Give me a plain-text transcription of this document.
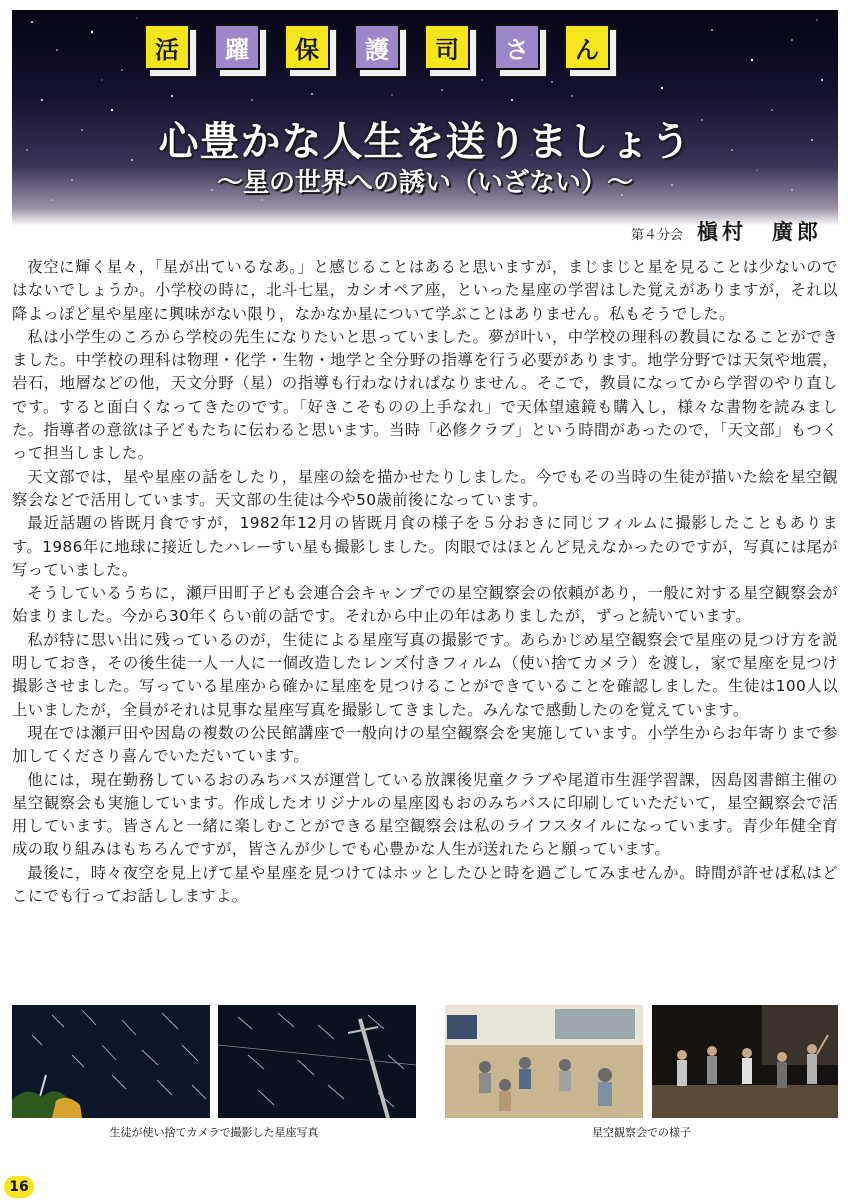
活	躍	保	護	司	さ	ん
心豊かな人生を送りましょう
〜星の世界への誘い（いざない）〜
第４分会 槇村　廣郎

夜空に輝く星々，「星が出ているなあ。」と感じることはあると思いますが，まじまじと星を見ることは少ないのではないでしょうか。小学校の時に，北斗七星，カシオペア座，といった星座の学習はした覚えがありますが，それ以降よっぽど星や星座に興味がない限り，なかなか星について学ぶことはありません。私もそうでした。

私は小学生のころから学校の先生になりたいと思っていました。夢が叶い，中学校の理科の教員になることができました。中学校の理科は物理・化学・生物・地学と全分野の指導を行う必要があります。地学分野では天気や地震，岩石，地層などの他，天文分野（星）の指導も行わなければなりません。そこで，教員になってから学習のやり直しです。すると面白くなってきたのです。「好きこそものの上手なれ」で天体望遠鏡も購入し，様々な書物を読みました。指導者の意欲は子どもたちに伝わると思います。当時「必修クラブ」という時間があったので，「天文部」もつくって担当しました。

天文部では，星や星座の話をしたり，星座の絵を描かせたりしました。今でもその当時の生徒が描いた絵を星空観察会などで活用しています。天文部の生徒は今や50歳前後になっています。

最近話題の皆既月食ですが，1982年12月の皆既月食の様子を５分おきに同じフィルムに撮影したこともあります。1986年に地球に接近したハレーすい星も撮影しました。肉眼ではほとんど見えなかったのですが，写真には尾が写っていました。

そうしているうちに，瀬戸田町子ども会連合会キャンプでの星空観察会の依頼があり，一般に対する星空観察会が始まりました。今から30年くらい前の話です。それから中止の年はありましたが，ずっと続いています。

私が特に思い出に残っているのが，生徒による星座写真の撮影です。あらかじめ星空観察会で星座の見つけ方を説明しておき，その後生徒一人一人に一個改造したレンズ付きフィルム（使い捨てカメラ）を渡し，家で星座を見つけ撮影させました。写っている星座から確かに星座を見つけることができていることを確認しました。生徒は100人以上いましたが，全員がそれは見事な星座写真を撮影してきました。みんなで感動したのを覚えています。

現在では瀬戸田や因島の複数の公民館講座で一般向けの星空観察会を実施しています。小学生からお年寄りまで参加してくださり喜んでいただいています。

他には，現在勤務しているおのみちバスが運営している放課後児童クラブや尾道市生涯学習課，因島図書館主催の星空観察会も実施しています。作成したオリジナルの星座図もおのみちバスに印刷していただいて，星空観察会で活用しています。皆さんと一緒に楽しむことができる星空観察会は私のライフスタイルになっています。青少年健全育成の取り組みはもちろんですが，皆さんが少しでも心豊かな人生が送れたらと願っています。

最後に，時々夜空を見上げて星や星座を見つけてはホッとしたひと時を過ごしてみませんか。時間が許せば私はどこにでも行ってお話ししますよ。

生徒が使い捨てカメラで撮影した星座写真	星空観察会での様子
16
